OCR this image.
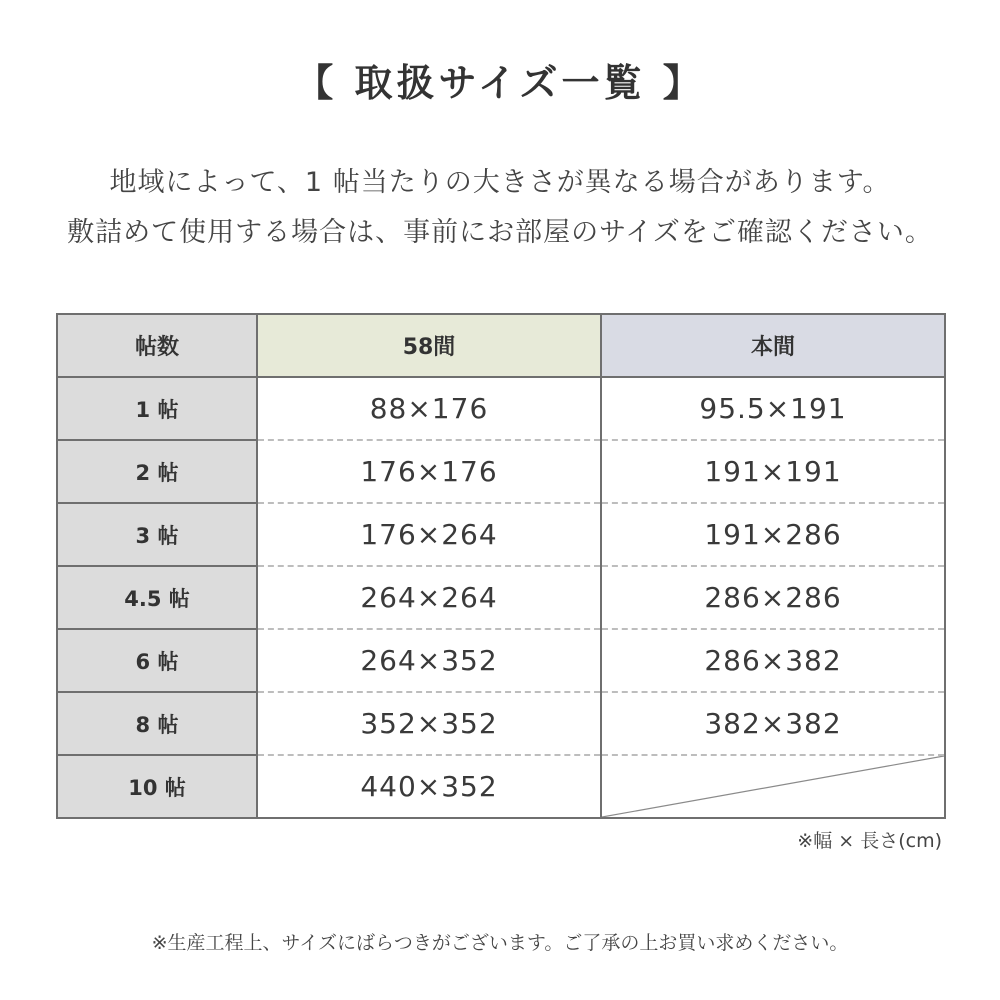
【 取扱サイズ一覧 】
地域によって、1 帖当たりの大きさが異なる場合があります。
敷詰めて使用する場合は、事前にお部屋のサイズをご確認ください。
帖数	58間	本間
1 帖	88×176	95.5×191
2 帖	176×176	191×191
3 帖	176×264	191×286
4.5 帖	264×264	286×286
6 帖	264×352	286×382
8 帖	352×352	382×382
10 帖	440×352	
※幅 × 長さ(cm)
※生産工程上、サイズにばらつきがございます。ご了承の上お買い求めください。
